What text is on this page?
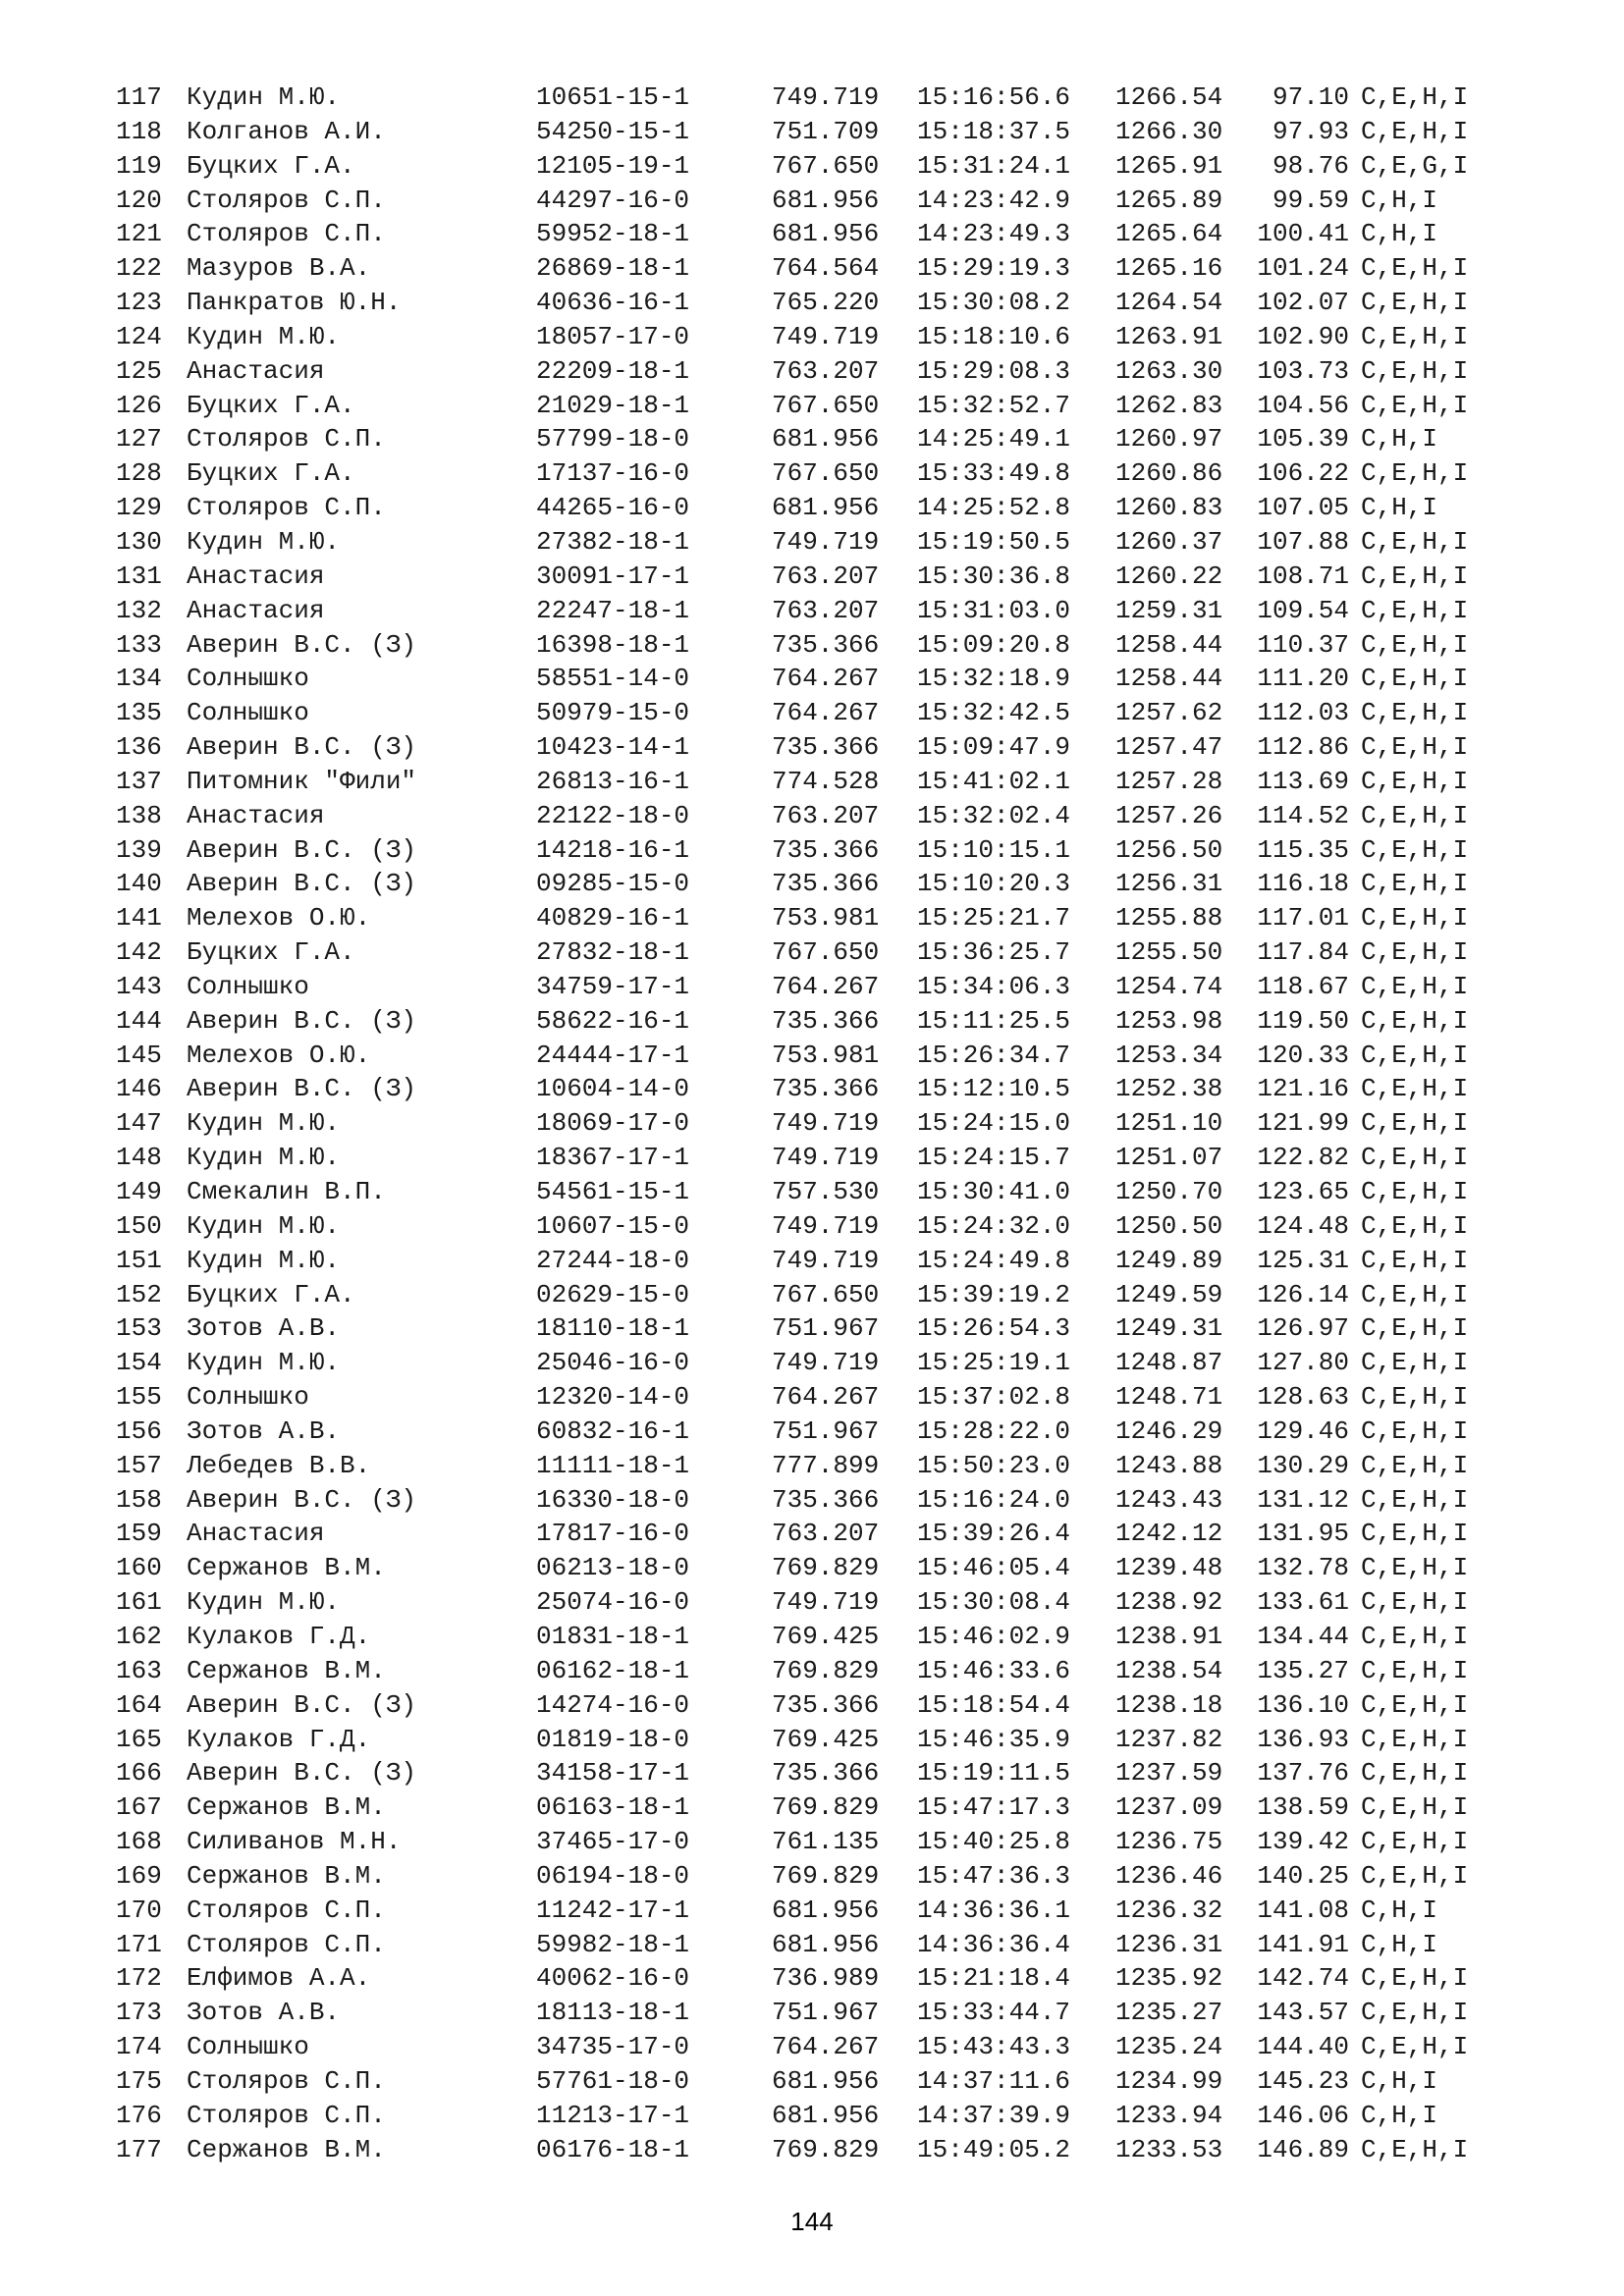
117 Кудин М.Ю.	10651-15-1	749.719 15:16:56.6 1266.54 97.10 C,E,H,I
118 Колганов А.И.	54250-15-1	751.709 15:18:37.5 1266.30 97.93 C,E,H,I
119 Буцких Г.А.	12105-19-1	767.650 15:31:24.1 1265.91 98.76 C,E,G,I
120 Столяров С.П.	44297-16-0	681.956 14:23:42.9 1265.89 99.59 C,H,I
121 Столяров С.П.	59952-18-1	681.956 14:23:49.3 1265.64 100.41 C,H,I
122 Мазуров В.А.	26869-18-1	764.564 15:29:19.3 1265.16 101.24 C,E,H,I
123 Панкратов Ю.Н.	40636-16-1	765.220 15:30:08.2 1264.54 102.07 C,E,H,I
124 Кудин М.Ю.	18057-17-0	749.719 15:18:10.6 1263.91 102.90 C,E,H,I
125 Анастасия	22209-18-1	763.207 15:29:08.3 1263.30 103.73 C,E,H,I
126 Буцких Г.А.	21029-18-1	767.650 15:32:52.7 1262.83 104.56 C,E,H,I
127 Столяров С.П.	57799-18-0	681.956 14:25:49.1 1260.97 105.39 C,H,I
128 Буцких Г.А.	17137-16-0	767.650 15:33:49.8 1260.86 106.22 C,E,H,I
129 Столяров С.П.	44265-16-0	681.956 14:25:52.8 1260.83 107.05 C,H,I
130 Кудин М.Ю.	27382-18-1	749.719 15:19:50.5 1260.37 107.88 C,E,H,I
131 Анастасия	30091-17-1	763.207 15:30:36.8 1260.22 108.71 C,E,H,I
132 Анастасия	22247-18-1	763.207 15:31:03.0 1259.31 109.54 C,E,H,I
133 Аверин В.С. (З)	16398-18-1	735.366 15:09:20.8 1258.44 110.37 C,E,H,I
134 Солнышко	58551-14-0	764.267 15:32:18.9 1258.44 111.20 C,E,H,I
135 Солнышко	50979-15-0	764.267 15:32:42.5 1257.62 112.03 C,E,H,I
136 Аверин В.С. (З)	10423-14-1	735.366 15:09:47.9 1257.47 112.86 C,E,H,I
137 Питомник "Фили"	26813-16-1	774.528 15:41:02.1 1257.28 113.69 C,E,H,I
138 Анастасия	22122-18-0	763.207 15:32:02.4 1257.26 114.52 C,E,H,I
139 Аверин В.С. (З)	14218-16-1	735.366 15:10:15.1 1256.50 115.35 C,E,H,I
140 Аверин В.С. (З)	09285-15-0	735.366 15:10:20.3 1256.31 116.18 C,E,H,I
141 Мелехов О.Ю.	40829-16-1	753.981 15:25:21.7 1255.88 117.01 C,E,H,I
142 Буцких Г.А.	27832-18-1	767.650 15:36:25.7 1255.50 117.84 C,E,H,I
143 Солнышко	34759-17-1	764.267 15:34:06.3 1254.74 118.67 C,E,H,I
144 Аверин В.С. (З)	58622-16-1	735.366 15:11:25.5 1253.98 119.50 C,E,H,I
145 Мелехов О.Ю.	24444-17-1	753.981 15:26:34.7 1253.34 120.33 C,E,H,I
146 Аверин В.С. (З)	10604-14-0	735.366 15:12:10.5 1252.38 121.16 C,E,H,I
147 Кудин М.Ю.	18069-17-0	749.719 15:24:15.0 1251.10 121.99 C,E,H,I
148 Кудин М.Ю.	18367-17-1	749.719 15:24:15.7 1251.07 122.82 C,E,H,I
149 Смекалин В.П.	54561-15-1	757.530 15:30:41.0 1250.70 123.65 C,E,H,I
150 Кудин М.Ю.	10607-15-0	749.719 15:24:32.0 1250.50 124.48 C,E,H,I
151 Кудин М.Ю.	27244-18-0	749.719 15:24:49.8 1249.89 125.31 C,E,H,I
152 Буцких Г.А.	02629-15-0	767.650 15:39:19.2 1249.59 126.14 C,E,H,I
153 Зотов А.В.	18110-18-1	751.967 15:26:54.3 1249.31 126.97 C,E,H,I
154 Кудин М.Ю.	25046-16-0	749.719 15:25:19.1 1248.87 127.80 C,E,H,I
155 Солнышко	12320-14-0	764.267 15:37:02.8 1248.71 128.63 C,E,H,I
156 Зотов А.В.	60832-16-1	751.967 15:28:22.0 1246.29 129.46 C,E,H,I
157 Лебедев В.В.	11111-18-1	777.899 15:50:23.0 1243.88 130.29 C,E,H,I
158 Аверин В.С. (З)	16330-18-0	735.366 15:16:24.0 1243.43 131.12 C,E,H,I
159 Анастасия	17817-16-0	763.207 15:39:26.4 1242.12 131.95 C,E,H,I
160 Сержанов В.М.	06213-18-0	769.829 15:46:05.4 1239.48 132.78 C,E,H,I
161 Кудин М.Ю.	25074-16-0	749.719 15:30:08.4 1238.92 133.61 C,E,H,I
162 Кулаков Г.Д.	01831-18-1	769.425 15:46:02.9 1238.91 134.44 C,E,H,I
163 Сержанов В.М.	06162-18-1	769.829 15:46:33.6 1238.54 135.27 C,E,H,I
164 Аверин В.С. (З)	14274-16-0	735.366 15:18:54.4 1238.18 136.10 C,E,H,I
165 Кулаков Г.Д.	01819-18-0	769.425 15:46:35.9 1237.82 136.93 C,E,H,I
166 Аверин В.С. (З)	34158-17-1	735.366 15:19:11.5 1237.59 137.76 C,E,H,I
167 Сержанов В.М.	06163-18-1	769.829 15:47:17.3 1237.09 138.59 C,E,H,I
168 Силиванов М.Н.	37465-17-0	761.135 15:40:25.8 1236.75 139.42 C,E,H,I
169 Сержанов В.М.	06194-18-0	769.829 15:47:36.3 1236.46 140.25 C,E,H,I
170 Столяров С.П.	11242-17-1	681.956 14:36:36.1 1236.32 141.08 C,H,I
171 Столяров С.П.	59982-18-1	681.956 14:36:36.4 1236.31 141.91 C,H,I
172 Елфимов А.А.	40062-16-0	736.989 15:21:18.4 1235.92 142.74 C,E,H,I
173 Зотов А.В.	18113-18-1	751.967 15:33:44.7 1235.27 143.57 C,E,H,I
174 Солнышко	34735-17-0	764.267 15:43:43.3 1235.24 144.40 C,E,H,I
175 Столяров С.П.	57761-18-0	681.956 14:37:11.6 1234.99 145.23 C,H,I
176 Столяров С.П.	11213-17-1	681.956 14:37:39.9 1233.94 146.06 C,H,I
177 Сержанов В.М.	06176-18-1	769.829 15:49:05.2 1233.53 146.89 C,E,H,I
144
